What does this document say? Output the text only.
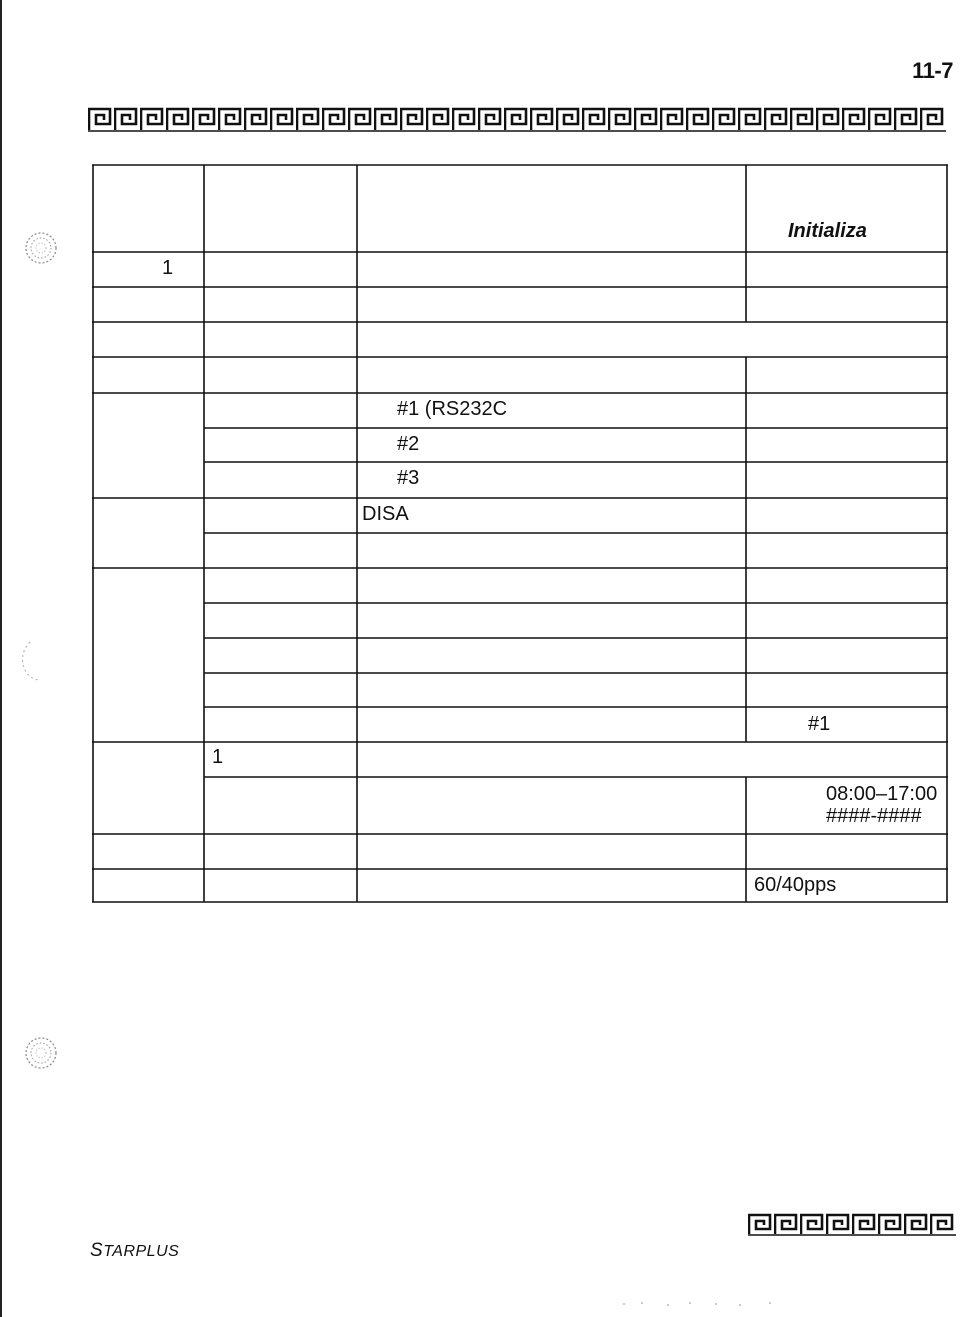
11-7
Initializa
1
#1 (RS232C
#2
#3
DISA
#1
1
08:00–17:00
####-####
60/40pps
STARPLUS
